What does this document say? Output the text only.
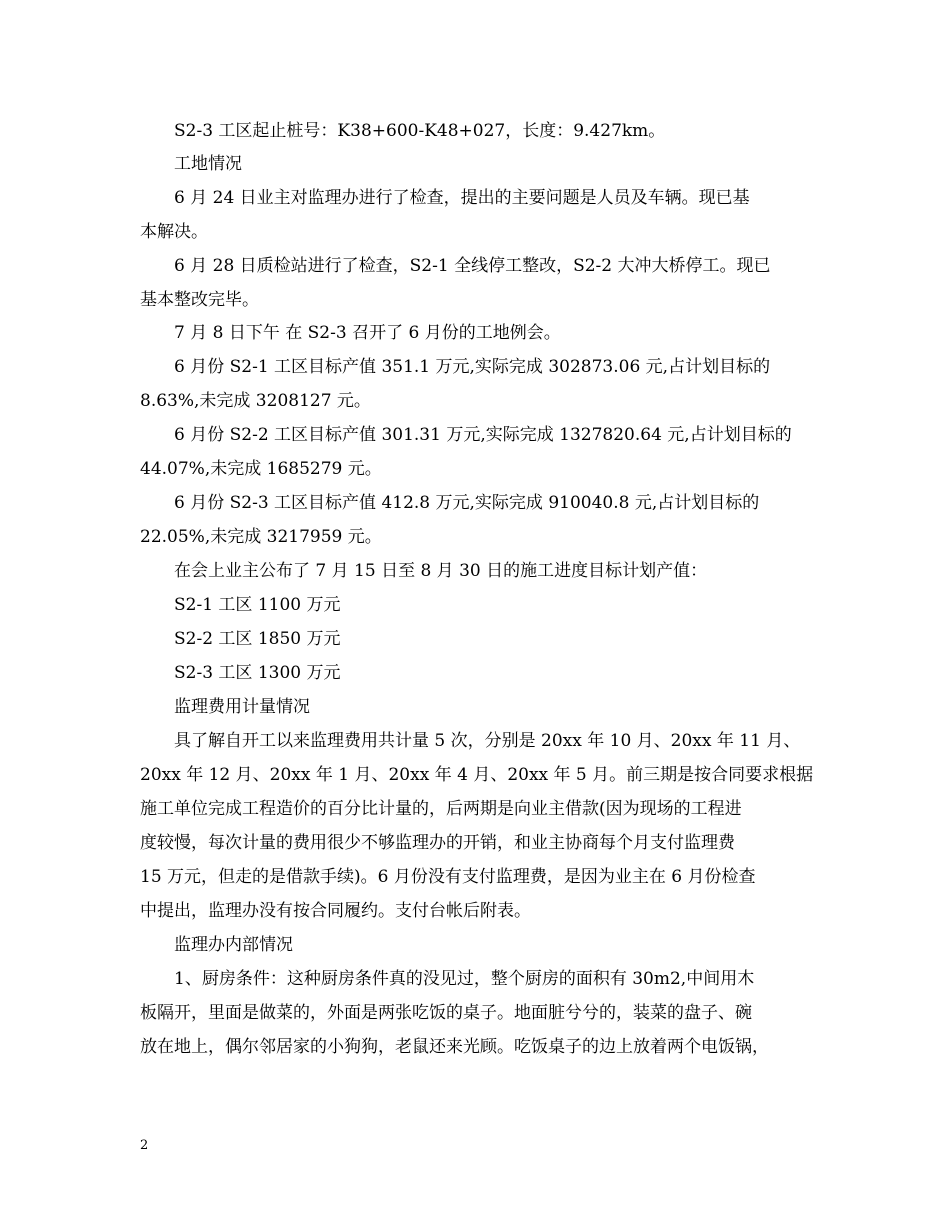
S2-3 工区起止桩号：K38+600-K48+027，长度：9.427km。
工地情况
6 月 24 日业主对监理办进行了检查，提出的主要问题是人员及车辆。现已基
本解决。
6 月 28 日质检站进行了检查，S2-1 全线停工整改，S2-2 大冲大桥停工。现已
基本整改完毕。
7 月 8 日下午 在 S2-3 召开了 6 月份的工地例会。
6 月份 S2-1 工区目标产值 351.1 万元,实际完成 302873.06 元,占计划目标的
8.63%,未完成 3208127 元。
6 月份 S2-2 工区目标产值 301.31 万元,实际完成 1327820.64 元,占计划目标的
44.07%,未完成 1685279 元。
6 月份 S2-3 工区目标产值 412.8 万元,实际完成 910040.8 元,占计划目标的
22.05%,未完成 3217959 元。
在会上业主公布了 7 月 15 日至 8 月 30 日的施工进度目标计划产值：
S2-1 工区 1100 万元
S2-2 工区 1850 万元
S2-3 工区 1300 万元
监理费用计量情况
具了解自开工以来监理费用共计量 5 次，分别是 20xx 年 10 月、20xx 年 11 月、
20xx 年 12 月、20xx 年 1 月、20xx 年 4 月、20xx 年 5 月。前三期是按合同要求根据
施工单位完成工程造价的百分比计量的，后两期是向业主借款(因为现场的工程进
度较慢，每次计量的费用很少不够监理办的开销，和业主协商每个月支付监理费
15 万元，但走的是借款手续)。6 月份没有支付监理费，是因为业主在 6 月份检查
中提出，监理办没有按合同履约。支付台帐后附表。
监理办内部情况
1、厨房条件：这种厨房条件真的没见过，整个厨房的面积有 30m2,中间用木
板隔开，里面是做菜的，外面是两张吃饭的桌子。地面脏兮兮的，装菜的盘子、碗
放在地上，偶尔邻居家的小狗狗，老鼠还来光顾。吃饭桌子的边上放着两个电饭锅，
2
